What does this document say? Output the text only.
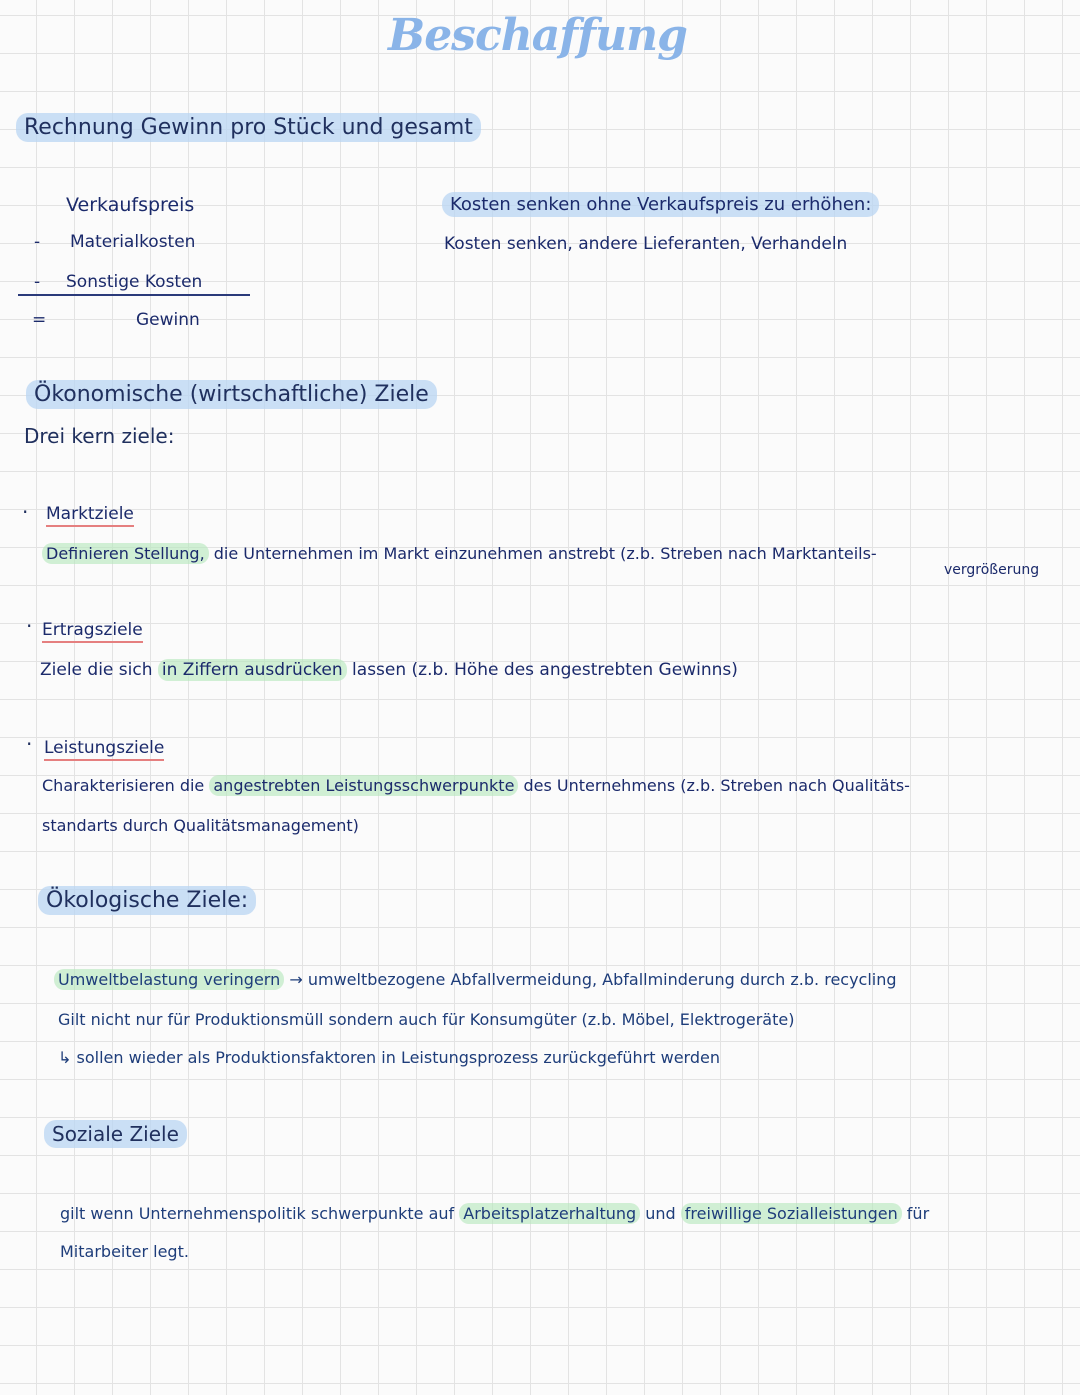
Beschaffung
Rechnung Gewinn pro Stück und gesamt
Verkaufspreis
- Materialkosten
- Sonstige Kosten
=	Gewinn
Kosten senken ohne Verkaufspreis zu erhöhen:
Kosten senken, andere Lieferanten, Verhandeln
Ökonomische (wirtschaftliche) Ziele
Drei kern ziele:
· Marktziele
Definieren Stellung, die Unternehmen im Markt einzunehmen anstrebt (z.b. Streben nach Marktanteils-
vergrößerung
· Ertragsziele
Ziele die sich in Ziffern ausdrücken lassen (z.b. Höhe des angestrebten Gewinns)
· Leistungsziele
Charakterisieren die angestrebten Leistungsschwerpunkte des Unternehmens (z.b. Streben nach Qualitäts-
standarts durch Qualitätsmanagement)
Ökologische Ziele:
Umweltbelastung veringern → umweltbezogene Abfallvermeidung, Abfallminderung durch z.b. recycling
Gilt nicht nur für Produktionsmüll sondern auch für Konsumgüter (z.b. Möbel, Elektrogeräte)
↳ sollen wieder als Produktionsfaktoren in Leistungsprozess zurückgeführt werden
Soziale Ziele
gilt wenn Unternehmenspolitik schwerpunkte auf Arbeitsplatzerhaltung und freiwillige Sozialleistungen für
Mitarbeiter legt.
